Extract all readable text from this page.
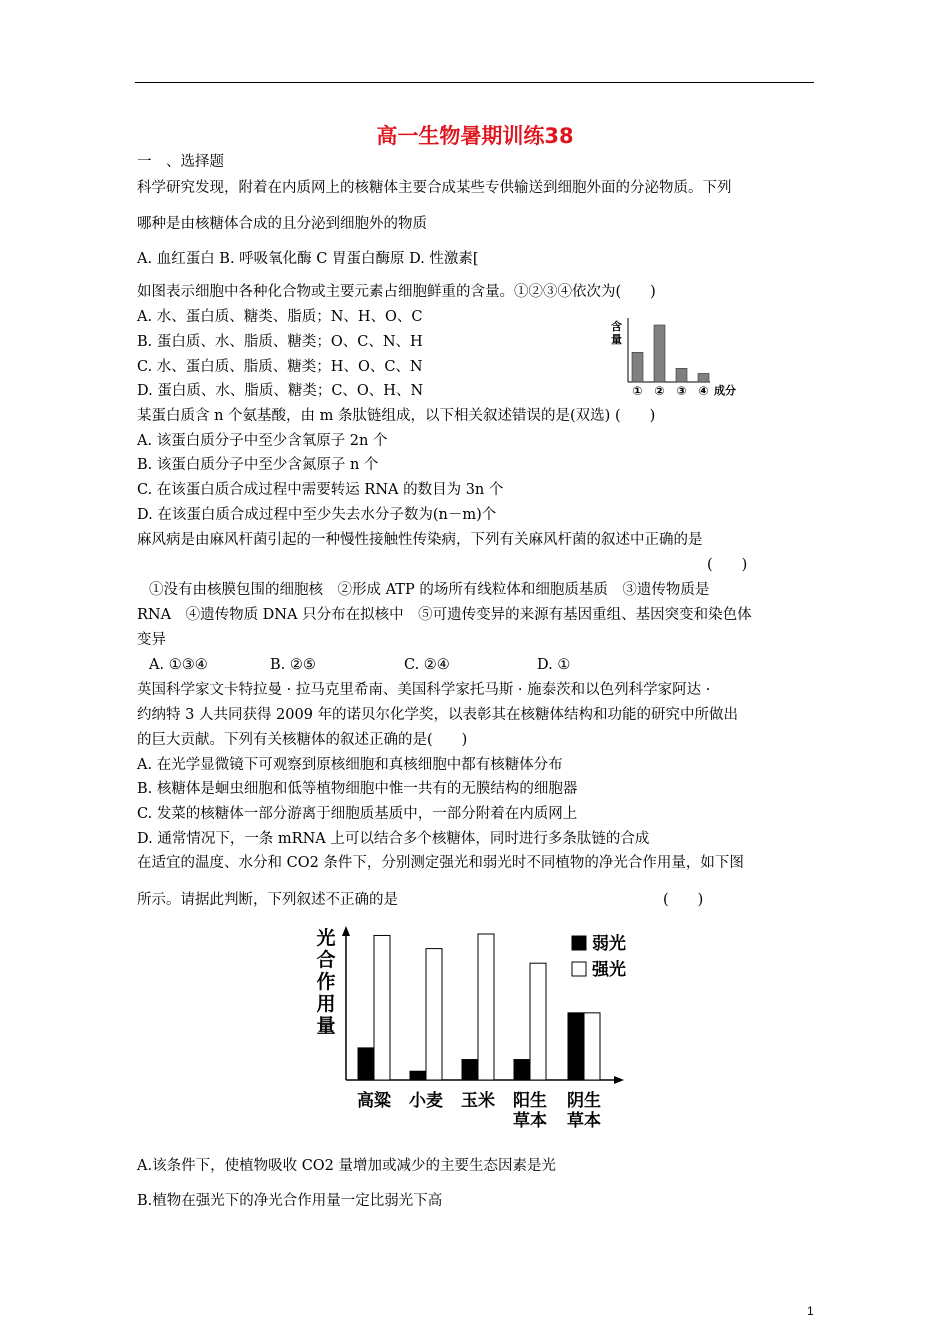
高一生物暑期训练38
一　、选择题
科学研究发现，附着在内质网上的核糖体主要合成某些专供输送到细胞外面的分泌物质。下列
哪种是由核糖体合成的且分泌到细胞外的物质
A. 血红蛋白 B. 呼吸氧化酶 C 胃蛋白酶原 D. 性激素[
如图表示细胞中各种化合物或主要元素占细胞鲜重的含量。①②③④依次为(　　)
A. 水、蛋白质、糖类、脂质；N、H、O、C
B. 蛋白质、水、脂质、糖类；O、C、N、H
C. 水、蛋白质、脂质、糖类；H、O、C、N
D. 蛋白质、水、脂质、糖类；C、O、H、N
含
量
成分
① ② ③ ④
某蛋白质含 n 个氨基酸，由 m 条肽链组成，以下相关叙述错误的是(双选) (　　)
A. 该蛋白质分子中至少含氧原子 2n 个
B. 该蛋白质分子中至少含氮原子 n 个
C. 在该蛋白质合成过程中需要转运 RNA 的数目为 3n 个
D. 在该蛋白质合成过程中至少失去水分子数为(n－m)个
麻风病是由麻风杆菌引起的一种慢性接触性传染病，下列有关麻风杆菌的叙述中正确的是
(　　)
①没有由核膜包围的细胞核　②形成 ATP 的场所有线粒体和细胞质基质　③遗传物质是
RNA　④遗传物质 DNA 只分布在拟核中　⑤可遗传变异的来源有基因重组、基因突变和染色体
变异
A. ①③④	B. ②⑤	C. ②④	D. ①
英国科学家文卡特拉曼 · 拉马克里希南、美国科学家托马斯 · 施泰茨和以色列科学家阿达 ·
约纳特 3 人共同获得 2009 年的诺贝尔化学奖，以表彰其在核糖体结构和功能的研究中所做出
的巨大贡献。下列有关核糖体的叙述正确的是(　　)
A. 在光学显微镜下可观察到原核细胞和真核细胞中都有核糖体分布
B. 核糖体是蛔虫细胞和低等植物细胞中惟一共有的无膜结构的细胞器
C. 发菜的核糖体一部分游离于细胞质基质中，一部分附着在内质网上
D. 通常情况下，一条 mRNA 上可以结合多个核糖体，同时进行多条肽链的合成
在适宜的温度、水分和 CO2 条件下，分别测定强光和弱光时不同植物的净光合作用量，如下图
所示。请据此判断，下列叙述不正确的是	(　　)
光
合
作
用
量
高粱 小麦 玉米 阳生
草本
阴生
草本
弱光
强光
A.该条件下，使植物吸收 CO2 量增加或减少的主要生态因素是光
B.植物在强光下的净光合作用量一定比弱光下高
1
